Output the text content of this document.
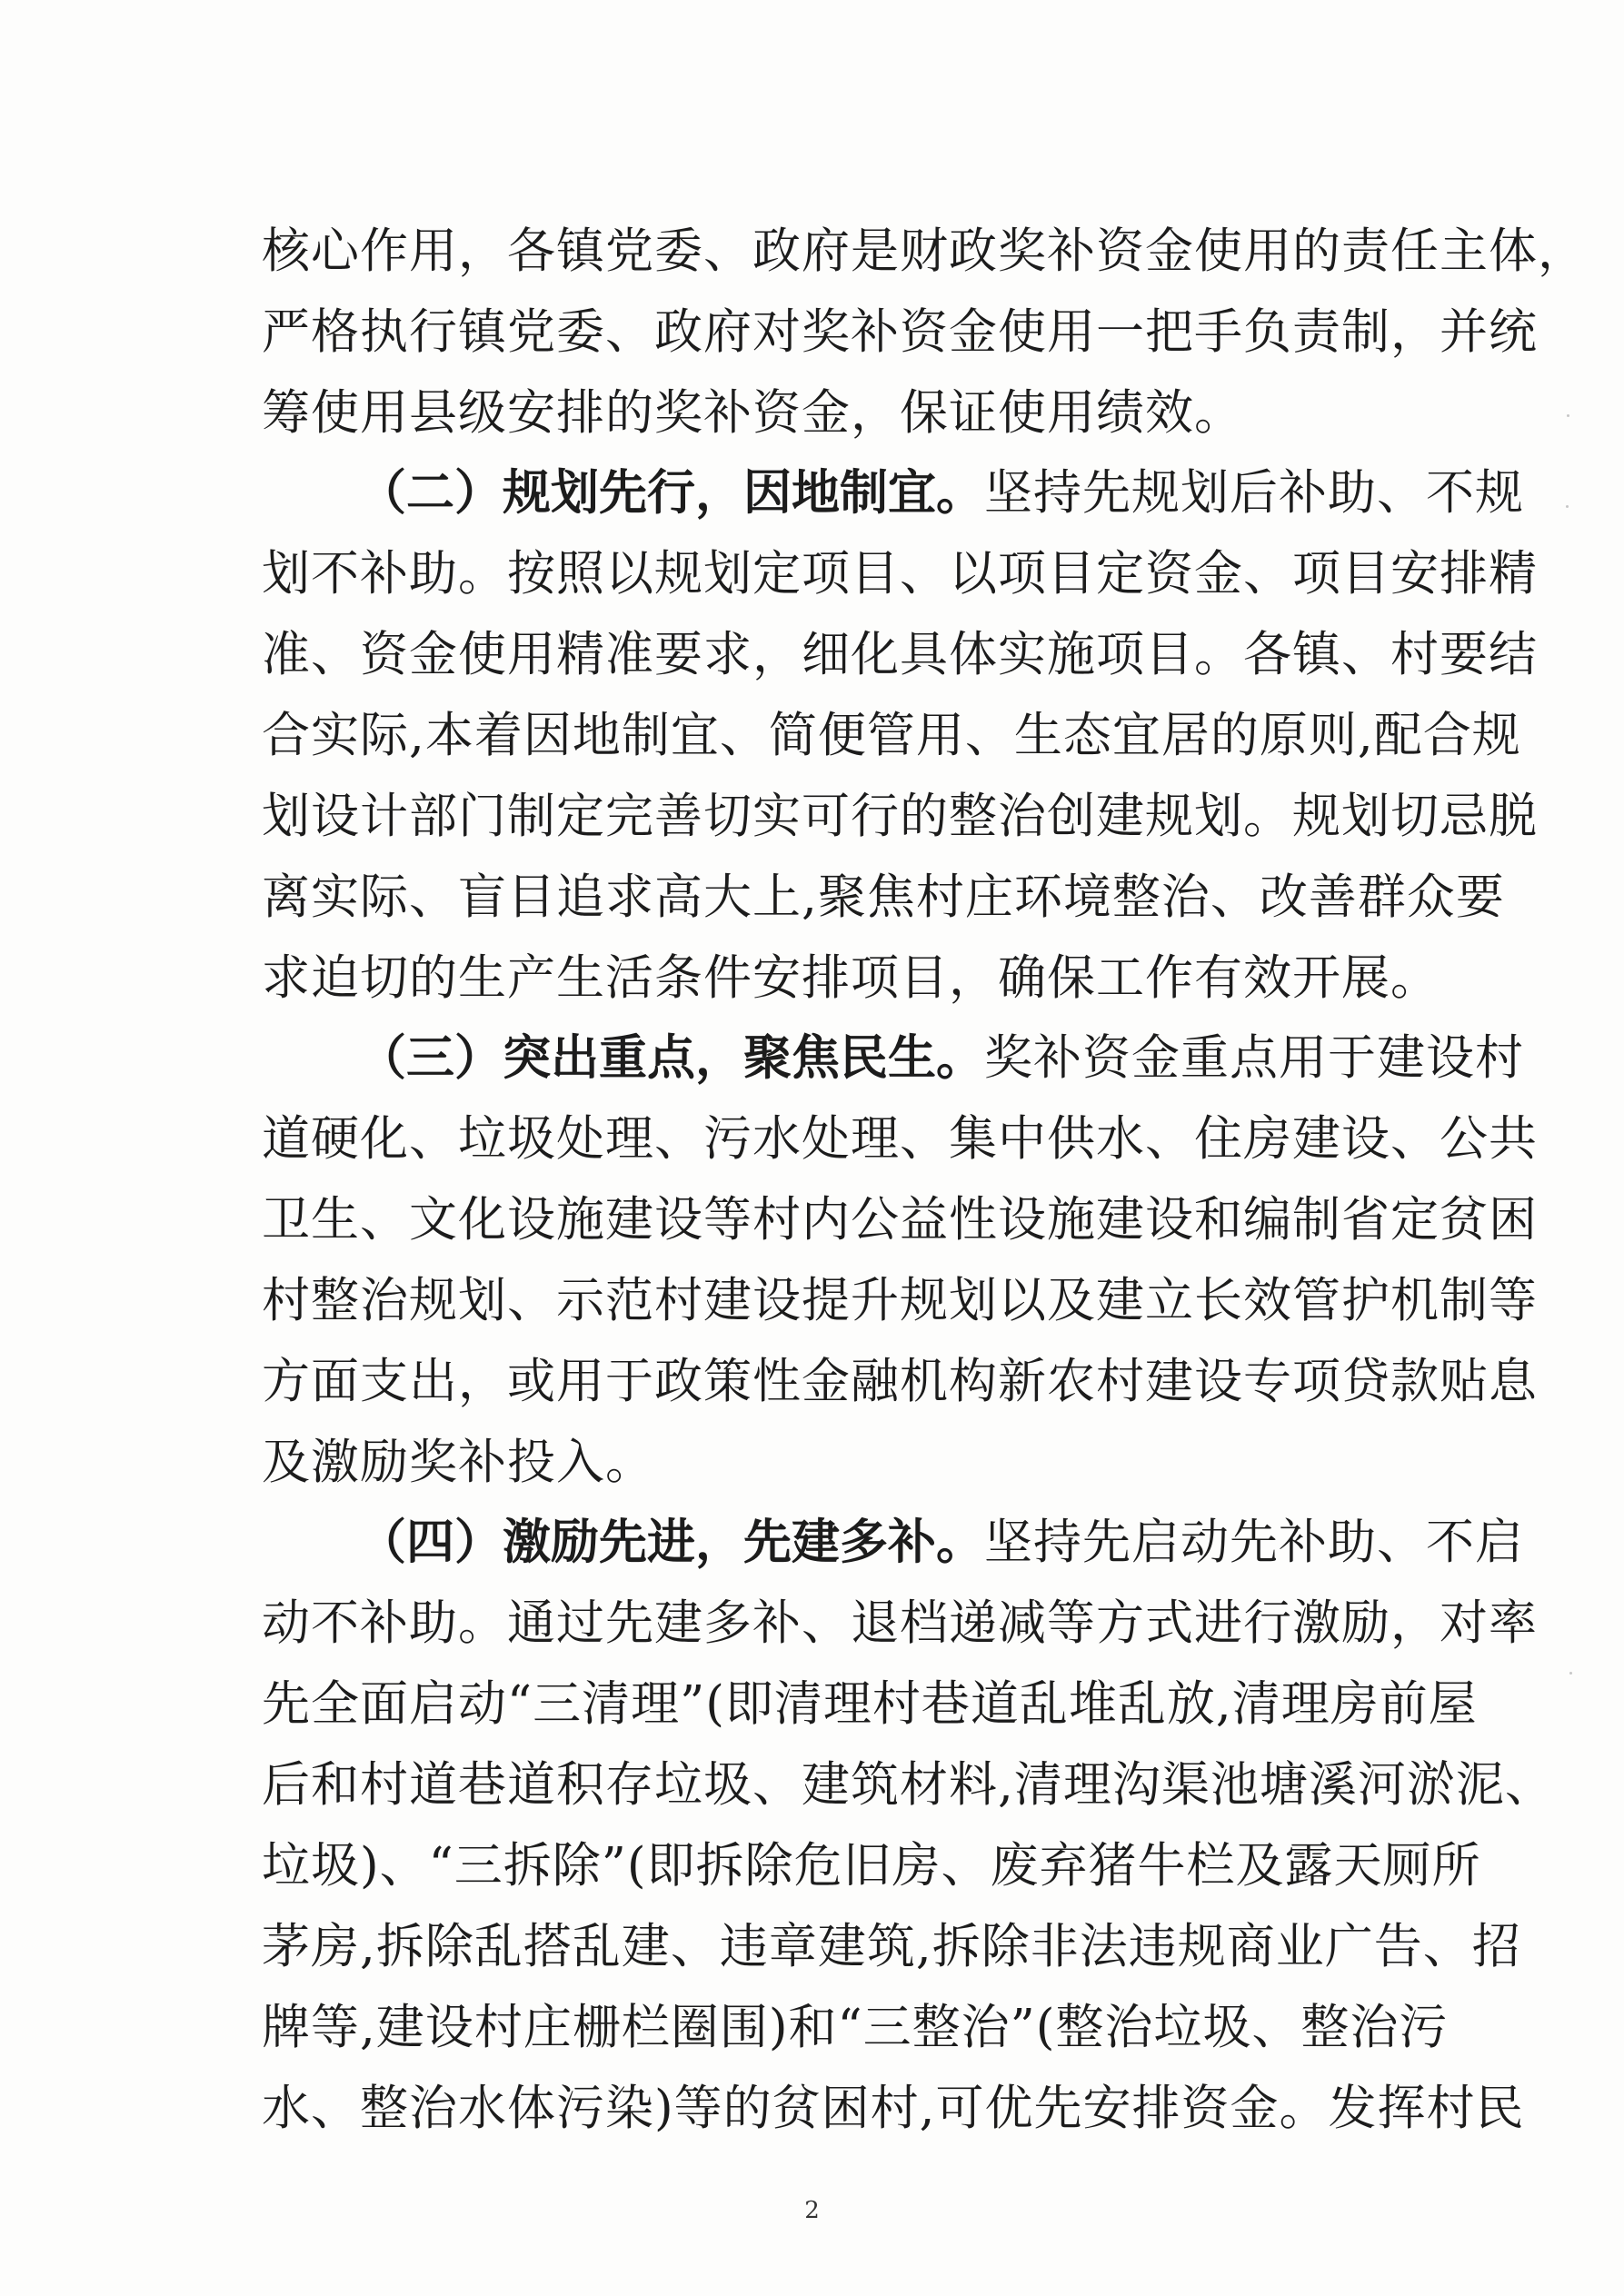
核心作用，各镇党委、政府是财政奖补资金使用的责任主体，
严格执行镇党委、政府对奖补资金使用一把手负责制，并统
筹使用县级安排的奖补资金，保证使用绩效。
（二）规划先行，因地制宜。坚持先规划后补助、不规
划不补助。按照以规划定项目、以项目定资金、项目安排精
准、资金使用精准要求，细化具体实施项目。各镇、村要结
合实际,本着因地制宜、简便管用、生态宜居的原则,配合规
划设计部门制定完善切实可行的整治创建规划。规划切忌脱
离实际、盲目追求高大上,聚焦村庄环境整治、改善群众要
求迫切的生产生活条件安排项目，确保工作有效开展。
（三）突出重点，聚焦民生。奖补资金重点用于建设村
道硬化、垃圾处理、污水处理、集中供水、住房建设、公共
卫生、文化设施建设等村内公益性设施建设和编制省定贫困
村整治规划、示范村建设提升规划以及建立长效管护机制等
方面支出，或用于政策性金融机构新农村建设专项贷款贴息
及激励奖补投入。
（四）激励先进，先建多补。坚持先启动先补助、不启
动不补助。通过先建多补、退档递减等方式进行激励，对率
先全面启动“三清理”(即清理村巷道乱堆乱放,清理房前屋
后和村道巷道积存垃圾、建筑材料,清理沟渠池塘溪河淤泥、
垃圾)、“三拆除”(即拆除危旧房、废弃猪牛栏及露天厕所
茅房,拆除乱搭乱建、违章建筑,拆除非法违规商业广告、招
牌等,建设村庄栅栏圈围)和“三整治”(整治垃圾、整治污
水、整治水体污染)等的贫困村,可优先安排资金。发挥村民
2
